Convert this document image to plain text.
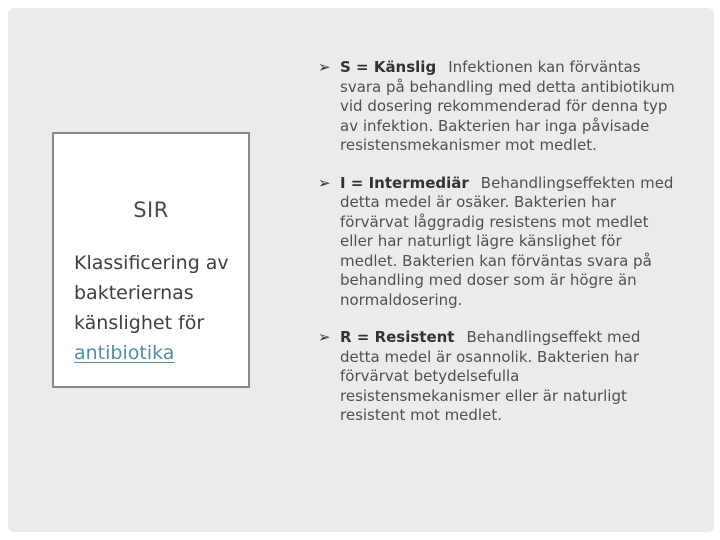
SIR
Klassificering av
bakteriernas
känslighet för
antibiotika
➢ S = Känslig Infektionen kan förväntas svara på behandling med detta antibiotikum vid dosering rekommenderad för denna typ av infektion. Bakterien har inga påvisade resistensmekanismer mot medlet.
➢ I = Intermediär Behandlingseffekten med detta medel är osäker. Bakterien har förvärvat låggradig resistens mot medlet eller har naturligt lägre känslighet för medlet. Bakterien kan förväntas svara på behandling med doser som är högre än normaldosering.
➢ R = Resistent Behandlingseffekt med detta medel är osannolik. Bakterien har förvärvat betydelsefulla resistensmekanismer eller är naturligt resistent mot medlet.
